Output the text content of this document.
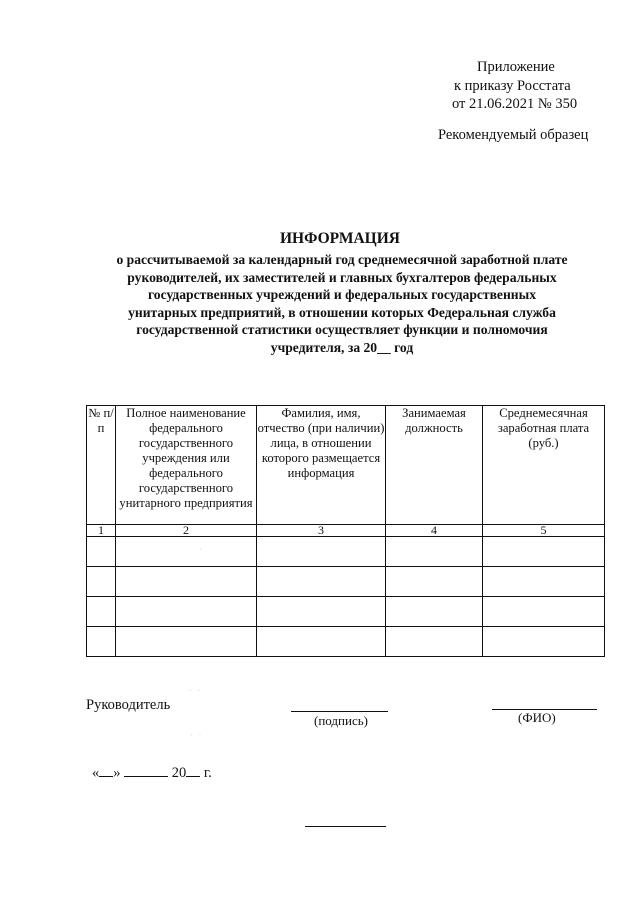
Приложение
к приказу Росстата
от 21.06.2021 № 350
Рекомендуемый образец
ИНФОРМАЦИЯ
о рассчитываемой за календарный год среднемесячной заработной плате
руководителей, их заместителей и главных бухгалтеров федеральных
государственных учреждений и федеральных государственных
унитарных предприятий, в отношении которых Федеральная служба
государственной статистики осуществляет функции и полномочия
учредителя, за 20__ год
№ п/п	Полное наименование федерального государственного учреждения или федерального государственного унитарного предприятия	Фамилия, имя, отчество (при наличии) лица, в отношении которого размещается информация	Занимаемая должность	Среднемесячная заработная плата (руб.)
1	2	3	4	5

Руководитель
(подпись)	(ФИО)
« »	20 г.
· ·
· ·
·
